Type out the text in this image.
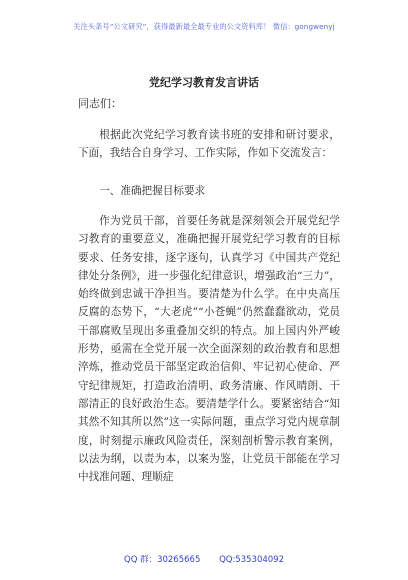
关注头条号“公文研究”，获得最新最全最专业的公文资料库！ 微信：gongwenyj
党纪学习教育发言讲话
同志们：
根据此次党纪学习教育读书班的安排和研讨要求，下面，我结合自身学习、工作实际，作如下交流发言：
一、准确把握目标要求
作为党员干部，首要任务就是深刻领会开展党纪学习教育的重要意义，准确把握开展党纪学习教育的目标要求、任务安排，逐字逐句，认真学习《中国共产党纪律处分条例》，进一步强化纪律意识，增强政治“三力”，始终做到忠诚干净担当。要清楚为什么学。在中央高压反腐的态势下，“大老虎”“小苍蝇”仍然蠢蠢欲动，党员干部腐败呈现出多重叠加交织的特点。加上国内外严峻形势，亟需在全党开展一次全面深刻的政治教育和思想淬炼，推动党员干部坚定政治信仰、牢记初心使命、严守纪律规矩，打造政治清明、政务清廉、作风晴朗、干部清正的良好政治生态。要清楚学什么。要紧密结合“知其然不知其所以然”这一实际问题，重点学习党内规章制度，时刻提示廉政风险责任，深刻剖析警示教育案例，以法为纲，以责为本，以案为鉴，让党员干部能在学习中找准问题、理顺症
QQ 群：30265665 QQ:535304092
